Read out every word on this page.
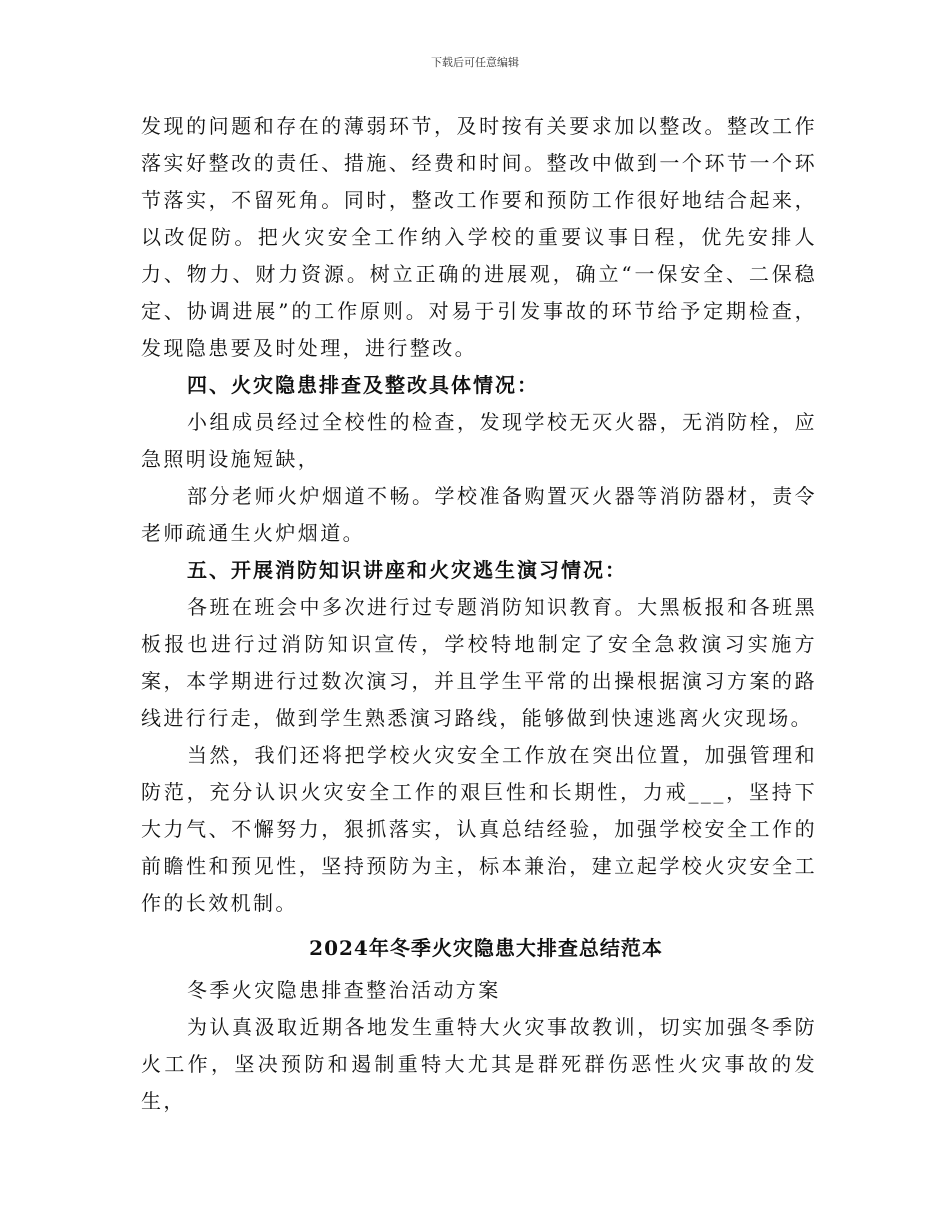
下载后可任意编辑

发现的问题和存在的薄弱环节，及时按有关要求加以整改。整改工作落实好整改的责任、措施、经费和时间。整改中做到一个环节一个环节落实，不留死角。同时，整改工作要和预防工作很好地结合起来，以改促防。把火灾安全工作纳入学校的重要议事日程，优先安排人力、物力、财力资源。树立正确的进展观，确立“一保安全、二保稳定、协调进展”的工作原则。对易于引发事故的环节给予定期检查，发现隐患要及时处理，进行整改。

四、火灾隐患排查及整改具体情况：

小组成员经过全校性的检查，发现学校无灭火器，无消防栓，应急照明设施短缺，

部分老师火炉烟道不畅。学校准备购置灭火器等消防器材，责令老师疏通生火炉烟道。

五、开展消防知识讲座和火灾逃生演习情况：

各班在班会中多次进行过专题消防知识教育。大黑板报和各班黑板报也进行过消防知识宣传，学校特地制定了安全急救演习实施方案，本学期进行过数次演习，并且学生平常的出操根据演习方案的路线进行行走，做到学生熟悉演习路线，能够做到快速逃离火灾现场。

当然，我们还将把学校火灾安全工作放在突出位置，加强管理和防范，充分认识火灾安全工作的艰巨性和长期性，力戒___，坚持下大力气、不懈努力，狠抓落实，认真总结经验，加强学校安全工作的前瞻性和预见性，坚持预防为主，标本兼治，建立起学校火灾安全工作的长效机制。

2024年冬季火灾隐患大排查总结范本

冬季火灾隐患排查整治活动方案

为认真汲取近期各地发生重特大火灾事故教训，切实加强冬季防火工作，坚决预防和遏制重特大尤其是群死群伤恶性火灾事故的发生，
